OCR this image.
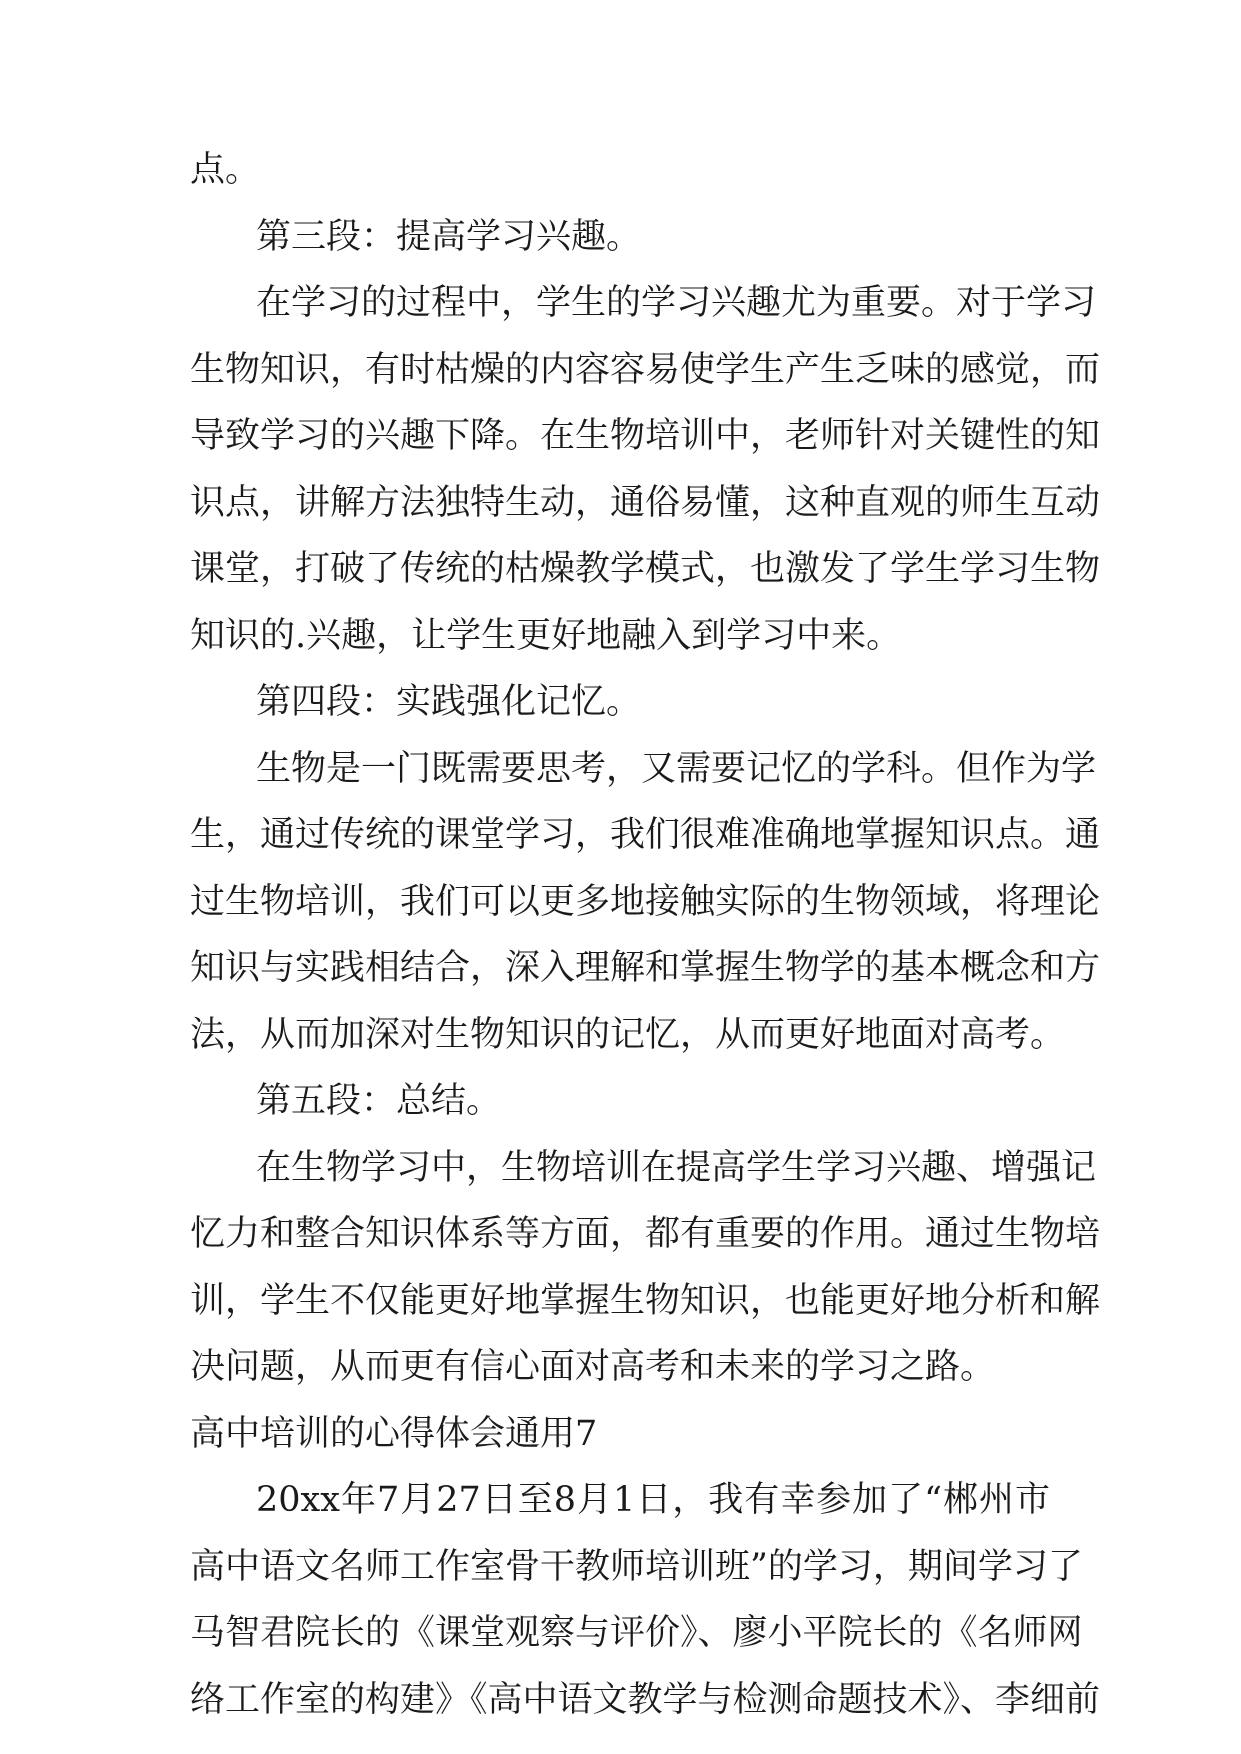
点。
第三段：提高学习兴趣。
在学习的过程中，学生的学习兴趣尤为重要。对于学习
生物知识，有时枯燥的内容容易使学生产生乏味的感觉，而
导致学习的兴趣下降。在生物培训中，老师针对关键性的知
识点，讲解方法独特生动，通俗易懂，这种直观的师生互动
课堂，打破了传统的枯燥教学模式，也激发了学生学习生物
知识的.兴趣，让学生更好地融入到学习中来。
第四段：实践强化记忆。
生物是一门既需要思考，又需要记忆的学科。但作为学
生，通过传统的课堂学习，我们很难准确地掌握知识点。通
过生物培训，我们可以更多地接触实际的生物领域，将理论
知识与实践相结合，深入理解和掌握生物学的基本概念和方
法，从而加深对生物知识的记忆，从而更好地面对高考。
第五段：总结。
在生物学习中，生物培训在提高学生学习兴趣、增强记
忆力和整合知识体系等方面，都有重要的作用。通过生物培
训，学生不仅能更好地掌握生物知识，也能更好地分析和解
决问题，从而更有信心面对高考和未来的学习之路。
高中培训的心得体会通用7
20xx年7月27日至8月1日，我有幸参加了“郴州市
高中语文名师工作室骨干教师培训班”的学习，期间学习了
马智君院长的《课堂观察与评价》、廖小平院长的《名师网
络工作室的构建》《高中语文教学与检测命题技术》、李细前
